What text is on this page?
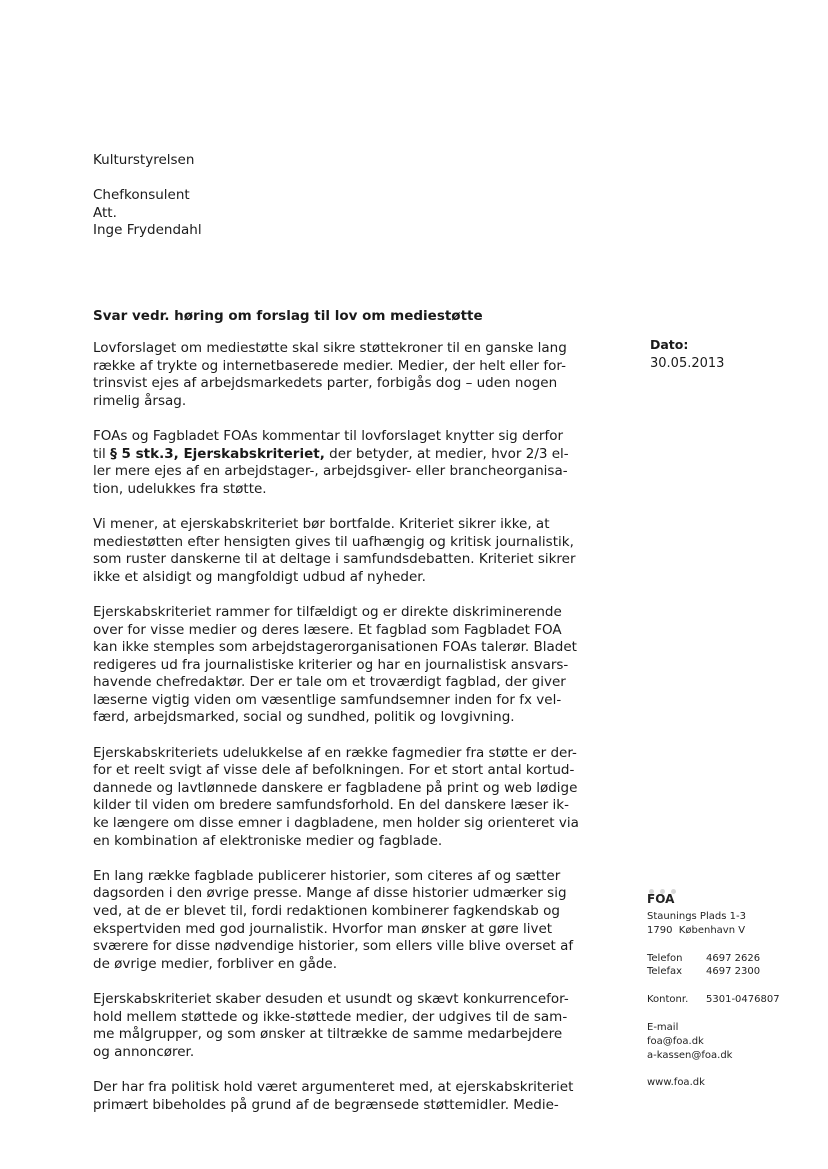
Kulturstyrelsen
Chefkonsulent
Att.
Inge Frydendahl
Svar vedr. høring om forslag til lov om mediestøtte
Dato:
30.05.2013

Lovforslaget om mediestøtte skal sikre støttekroner til en ganske lang
række af trykte og internetbaserede medier. Medier, der helt eller for-
trinsvist ejes af arbejdsmarkedets parter, forbigås dog – uden nogen
rimelig årsag.

FOAs og Fagbladet FOAs kommentar til lovforslaget knytter sig derfor
til § 5 stk.3, Ejerskabskriteriet, der betyder, at medier, hvor 2/3 el-
ler mere ejes af en arbejdstager-, arbejdsgiver- eller brancheorganisa-
tion, udelukkes fra støtte.

Vi mener, at ejerskabskriteriet bør bortfalde. Kriteriet sikrer ikke, at
mediestøtten efter hensigten gives til uafhængig og kritisk journalistik,
som ruster danskerne til at deltage i samfundsdebatten. Kriteriet sikrer
ikke et alsidigt og mangfoldigt udbud af nyheder.

Ejerskabskriteriet rammer for tilfældigt og er direkte diskriminerende
over for visse medier og deres læsere. Et fagblad som Fagbladet FOA
kan ikke stemples som arbejdstagerorganisationen FOAs talerør. Bladet
redigeres ud fra journalistiske kriterier og har en journalistisk ansvars-
havende chefredaktør. Der er tale om et troværdigt fagblad, der giver
læserne vigtig viden om væsentlige samfundsemner inden for fx vel-
færd, arbejdsmarked, social og sundhed, politik og lovgivning.

Ejerskabskriteriets udelukkelse af en række fagmedier fra støtte er der-
for et reelt svigt af visse dele af befolkningen. For et stort antal kortud-
dannede og lavtlønnede danskere er fagbladene på print og web lødige
kilder til viden om bredere samfundsforhold. En del danskere læser ik-
ke længere om disse emner i dagbladene, men holder sig orienteret via
en kombination af elektroniske medier og fagblade.

En lang række fagblade publicerer historier, som citeres af og sætter
dagsorden i den øvrige presse. Mange af disse historier udmærker sig
ved, at de er blevet til, fordi redaktionen kombinerer fagkendskab og
ekspertviden med god journalistik. Hvorfor man ønsker at gøre livet
sværere for disse nødvendige historier, som ellers ville blive overset af
de øvrige medier, forbliver en gåde.

Ejerskabskriteriet skaber desuden et usundt og skævt konkurrencefor-
hold mellem støttede og ikke-støttede medier, der udgives til de sam-
me målgrupper, og som ønsker at tiltrække de samme medarbejdere
og annoncører.

Der har fra politisk hold været argumenteret med, at ejerskabskriteriet
primært bibeholdes på grund af de begrænsede støttemidler. Medie-

FOA
Staunings Plads 1-3
1790  København V
Telefon	4697 2626
Telefax	4697 2300
Kontonr.	5301-0476807
E-mail
foa@foa.dk
a-kassen@foa.dk
www.foa.dk
